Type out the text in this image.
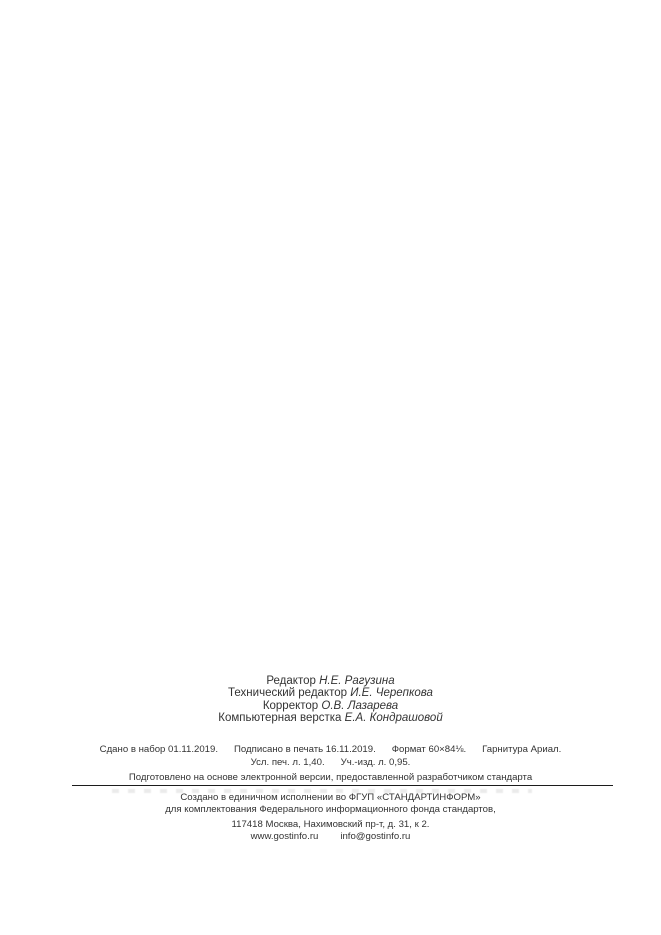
Редактор Н.Е. Рагузина
Технический редактор И.Е. Черепкова
Корректор О.В. Лазарева
Компьютерная верстка Е.А. Кондрашовой
Сдано в набор 01.11.2019. Подписано в печать 16.11.2019. Формат 60×84⅛. Гарнитура Ариал.
Усл. печ. л. 1,40. Уч.-изд. л. 0,95.
Подготовлено на основе электронной версии, предоставленной разработчиком стандарта
Создано в единичном исполнении во ФГУП «СТАНДАРТИНФОРМ»
для комплектования Федерального информационного фонда стандартов,
117418 Москва, Нахимовский пр-т, д. 31, к 2.
www.gostinfo.ru info@gostinfo.ru
